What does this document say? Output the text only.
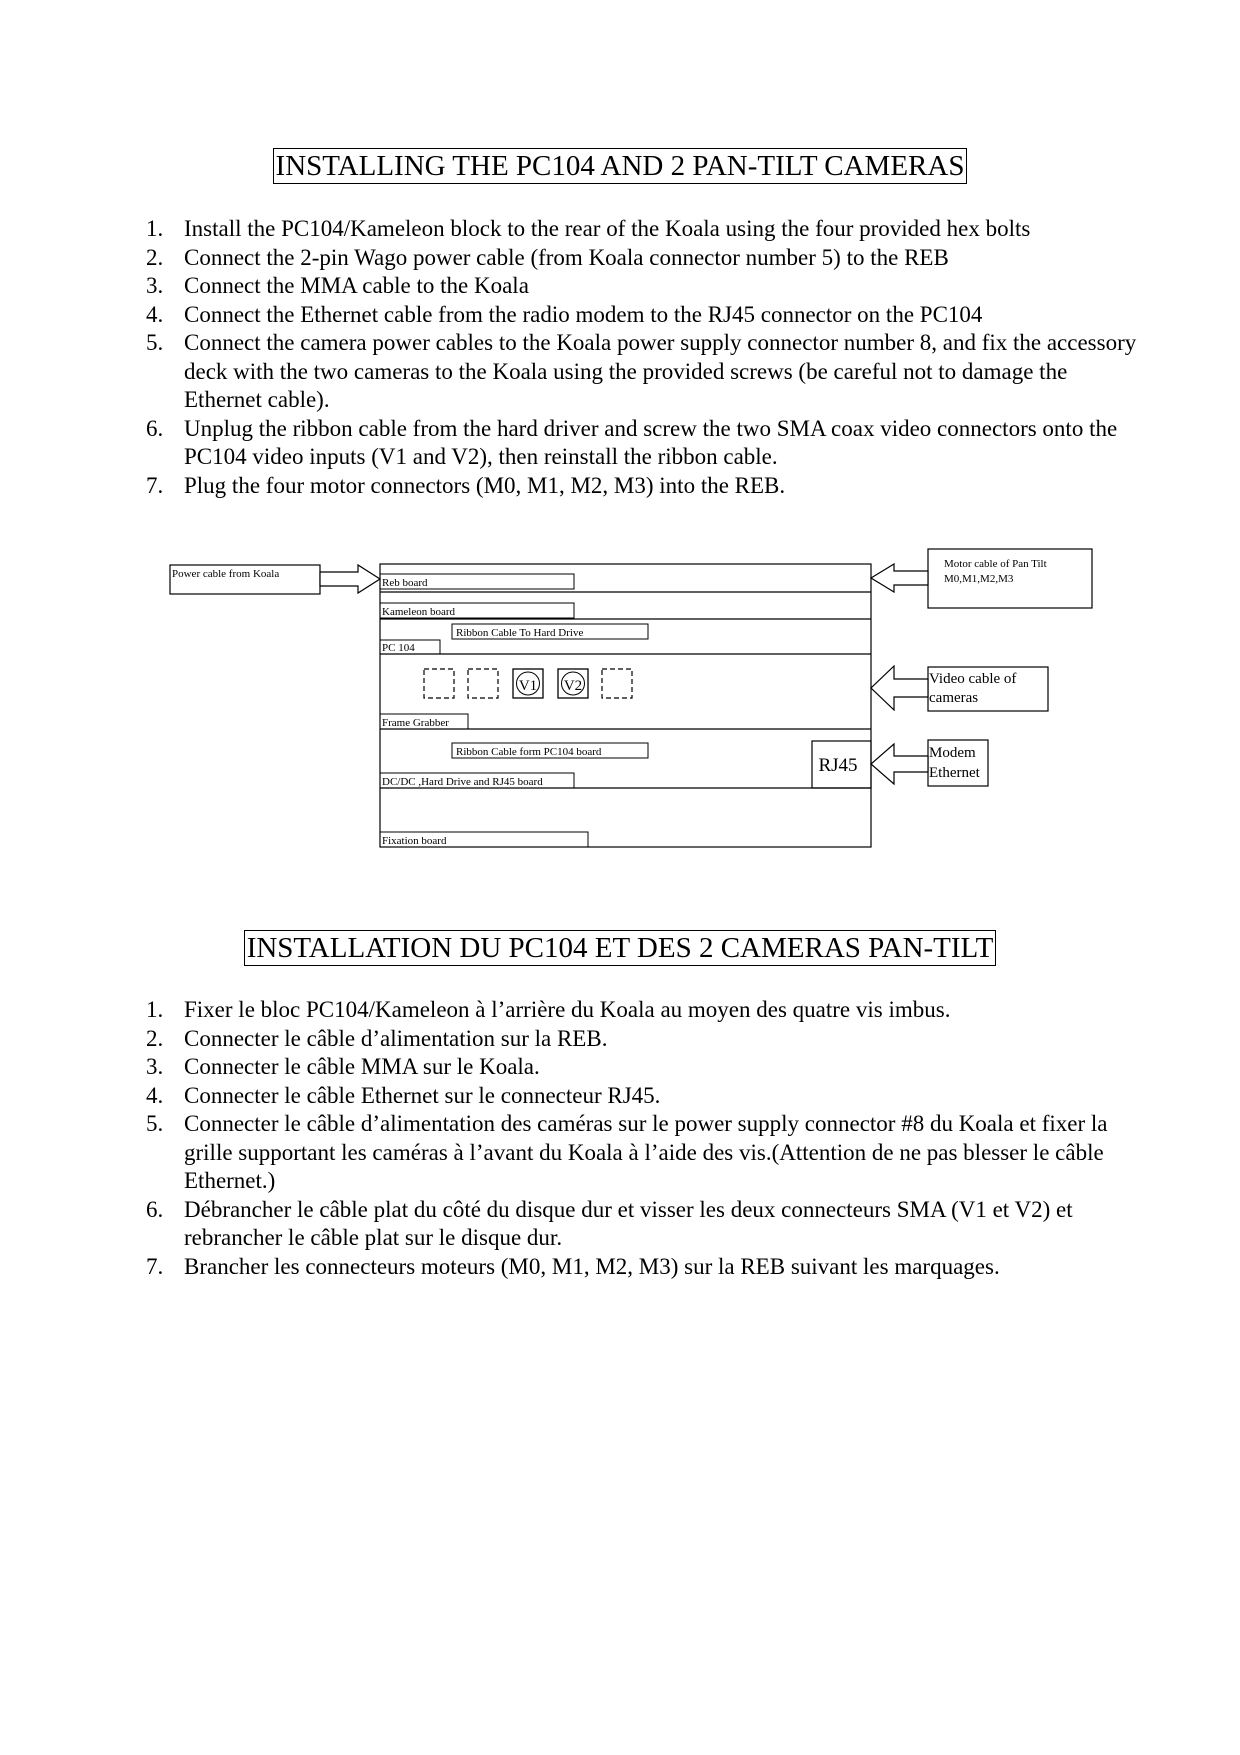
INSTALLING THE PC104 AND 2 PAN-TILT CAMERAS
1. Install the PC104/Kameleon block to the rear of the Koala using the four provided hex bolts
2. Connect the 2-pin Wago power cable (from Koala connector number 5) to the REB
3. Connect the MMA cable to the Koala
4. Connect the Ethernet cable from the radio modem to the RJ45 connector on the PC104
5. Connect the camera power cables to the Koala power supply connector number 8, and fix the accessory deck with the two cameras to the Koala using the provided screws (be careful not to damage the Ethernet cable).
6. Unplug the ribbon cable from the hard driver and screw the two SMA coax video connectors onto the PC104 video inputs (V1 and V2), then reinstall the ribbon cable.
7. Plug the four motor connectors (M0, M1, M2, M3) into the REB.
Reb board
Kameleon board
Ribbon Cable To Hard Drive
PC 104
V1 V2
Frame Grabber
Ribbon Cable form PC104 board
DC/DC ,Hard Drive and RJ45 board
RJ45
Fixation board
Power cable from Koala
Motor cable of Pan Tilt
M0,M1,M2,M3
Video cable of
cameras
Modem
Ethernet
INSTALLATION DU PC104 ET DES 2 CAMERAS PAN-TILT
1. Fixer le bloc PC104/Kameleon à l’arrière du Koala au moyen des quatre vis imbus.
2. Connecter le câble d’alimentation sur la REB.
3. Connecter le câble MMA sur le Koala.
4. Connecter le câble Ethernet sur le connecteur RJ45.
5. Connecter le câble d’alimentation des caméras sur le power supply connector #8 du Koala et fixer la grille supportant les caméras à l’avant du Koala à l’aide des vis.(Attention de ne pas blesser le câble Ethernet.)
6. Débrancher le câble plat du côté du disque dur et visser les deux connecteurs SMA (V1 et V2) et rebrancher le câble plat sur le disque dur.
7. Brancher les connecteurs moteurs (M0, M1, M2, M3) sur la REB suivant les marquages.
